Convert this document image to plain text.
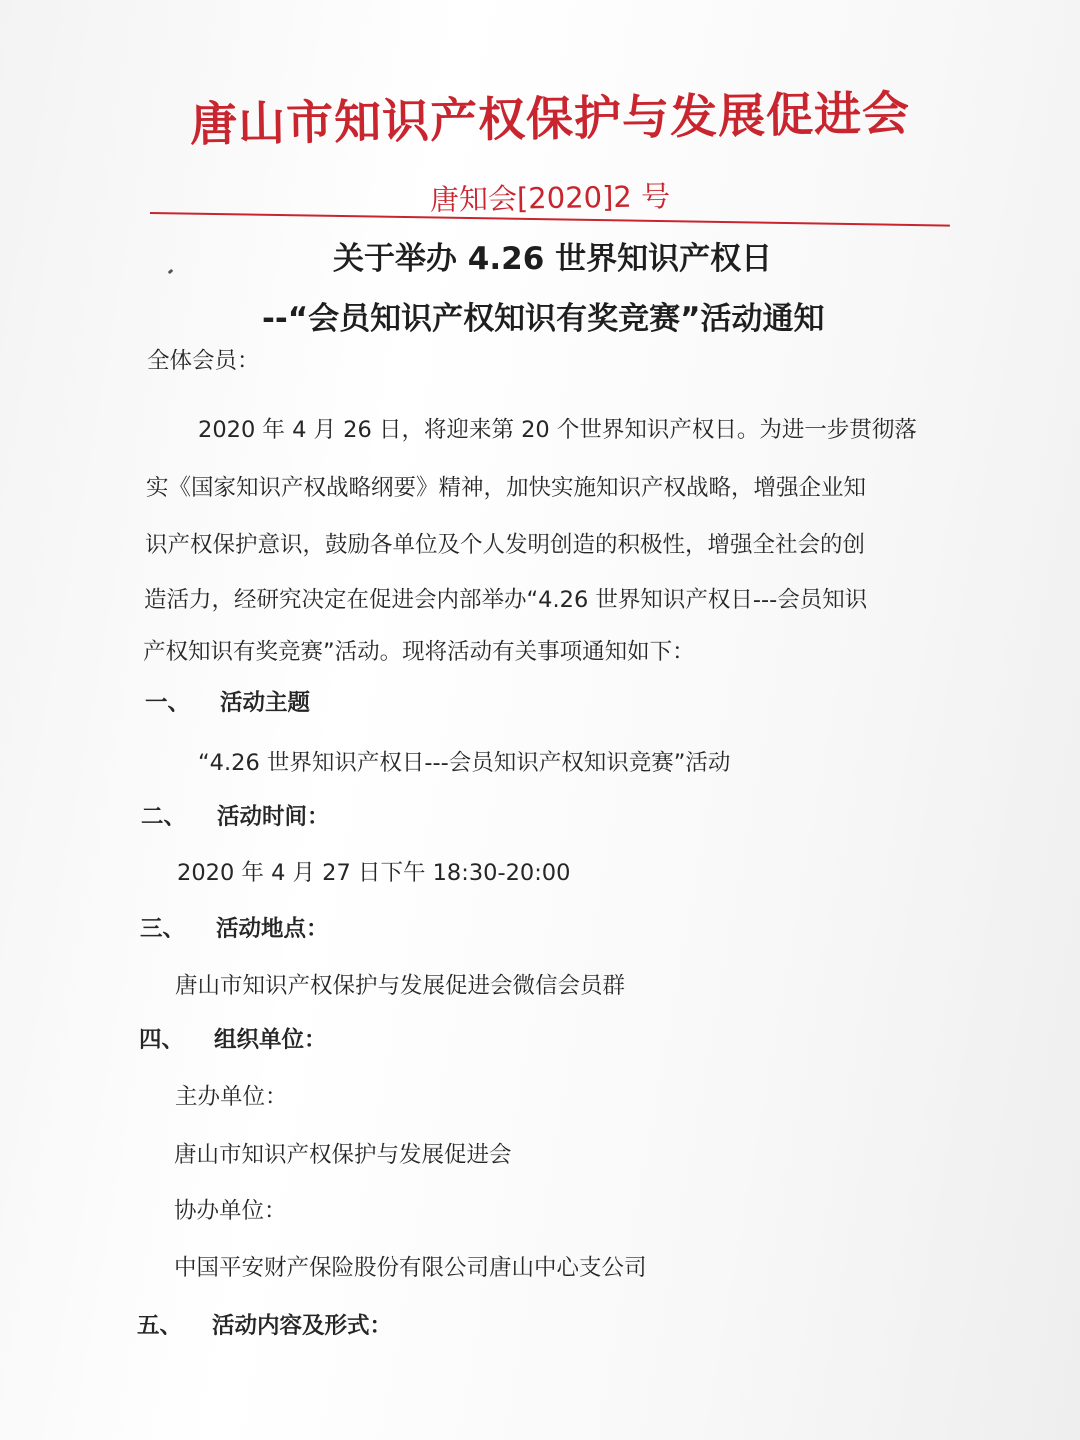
唐山市知识产权保护与发展促进会
唐知会[2020]2 号
关于举办 4.26 世界知识产权日
--“会员知识产权知识有奖竞赛”活动通知
全体会员：
2020 年 4 月 26 日，将迎来第 20 个世界知识产权日。为进一步贯彻落
实《国家知识产权战略纲要》精神，加快实施知识产权战略，增强企业知
识产权保护意识，鼓励各单位及个人发明创造的积极性，增强全社会的创
造活力，经研究决定在促进会内部举办“4.26 世界知识产权日---会员知识
产权知识有奖竞赛”活动。现将活动有关事项通知如下：
一、 活动主题
“4.26 世界知识产权日---会员知识产权知识竞赛”活动
二、 活动时间：
2020 年 4 月 27 日下午 18:30-20:00
三、 活动地点：
唐山市知识产权保护与发展促进会微信会员群
四、 组织单位：
主办单位：
唐山市知识产权保护与发展促进会
协办单位：
中国平安财产保险股份有限公司唐山中心支公司
五、 活动内容及形式：
